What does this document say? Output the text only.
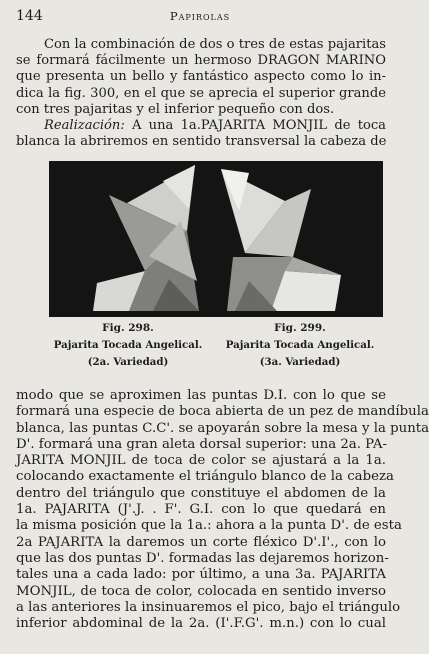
144	Papirolas
Con la combinación de dos o tres de estas pajaritas
se formará fácilmente un hermoso DRAGON MARINO
que presenta un bello y fantástico aspecto como lo in-
dica la fig. 300, en el que se aprecia el superior grande
con tres pajaritas y el inferior pequeño con dos.
Realización: A una 1a.PAJARITA MONJIL de toca
blanca la abriremos en sentido transversal la cabeza de
Fig. 298.
Pajarita Tocada Angelical.
(2a. Variedad)
Fig. 299.
Pajarita Tocada Angelical.
(3a. Variedad)
modo que se aproximen las puntas D.I. con lo que se
formará una especie de boca abierta de un pez de mandíbula
blanca, las puntas C.C'. se apoyarán sobre la mesa y la punta
D'. formará una gran aleta dorsal superior: una 2a. PA-
JARITA MONJIL de toca de color se ajustará a la 1a.
colocando exactamente el triángulo blanco de la cabeza
dentro del triángulo que constituye el abdomen de la
1a. PAJARITA (J'.J. . F'. G.I. con lo que quedará en
la misma posición que la 1a.: ahora a la punta D'. de esta
2a PAJARITA la daremos un corte fléxico D'.I'., con lo
que las dos puntas D'. formadas las dejaremos horizon-
tales una a cada lado: por último, a una 3a. PAJARITA
MONJIL, de toca de color, colocada en sentido inverso
a las anteriores la insinuaremos el pico, bajo el triángulo
inferior abdominal de la 2a. (I'.F.G'. m.n.) con lo cual
